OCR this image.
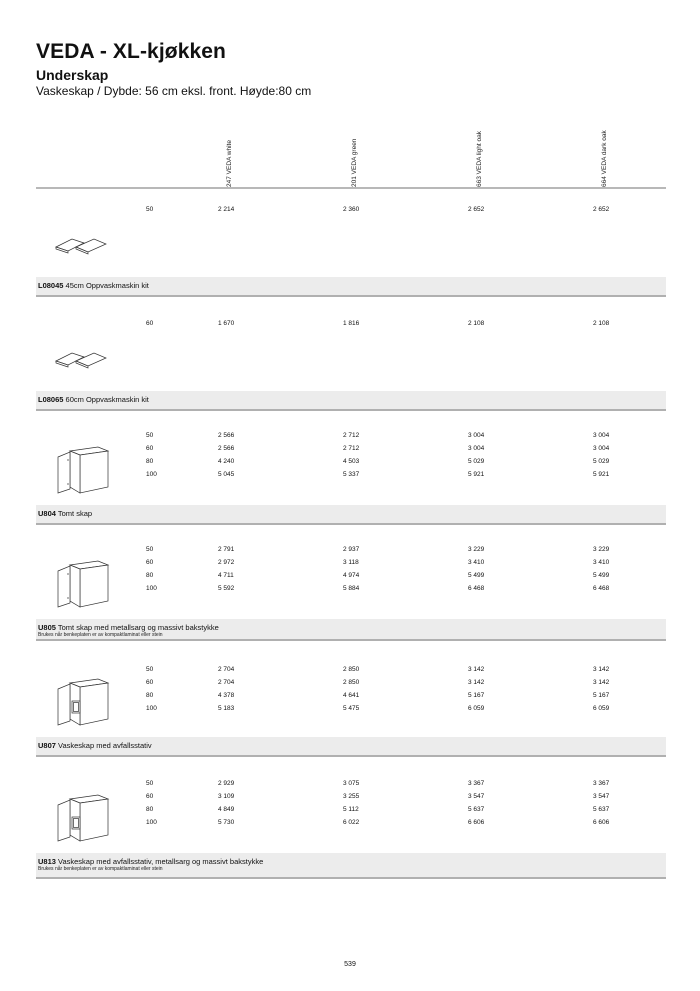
VEDA - XL-kjøkken
Underskap
Vaskeskap / Dybde: 56 cm eksl. front. Høyde:80 cm
247 VEDA white	201 VEDA green	663 VEDA light oak	664 VEDA dark oak
50	2 214	2 360	2 652	2 652
L08045 45cm Oppvaskmaskin kit
60	1 670	1 816	2 108	2 108
L08065 60cm Oppvaskmaskin kit
50	2 566	2 712	3 004	3 004
60	2 566	2 712	3 004	3 004
80	4 240	4 503	5 029	5 029
100	5 045	5 337	5 921	5 921
U804 Tomt skap
50	2 791	2 937	3 229	3 229
60	2 972	3 118	3 410	3 410
80	4 711	4 974	5 499	5 499
100	5 592	5 884	6 468	6 468
U805 Tomt skap med metallsarg og massivt bakstykke
Brukes når benkeplaten er av kompaktlaminat eller stein
50	2 704	2 850	3 142	3 142
60	2 704	2 850	3 142	3 142
80	4 378	4 641	5 167	5 167
100	5 183	5 475	6 059	6 059
U807 Vaskeskap med avfallsstativ
50	2 929	3 075	3 367	3 367
60	3 109	3 255	3 547	3 547
80	4 849	5 112	5 637	5 637
100	5 730	6 022	6 606	6 606
U813 Vaskeskap med avfallsstativ, metallsarg og massivt bakstykke
Brukes når benkeplaten er av kompaktlaminat eller stein
539
